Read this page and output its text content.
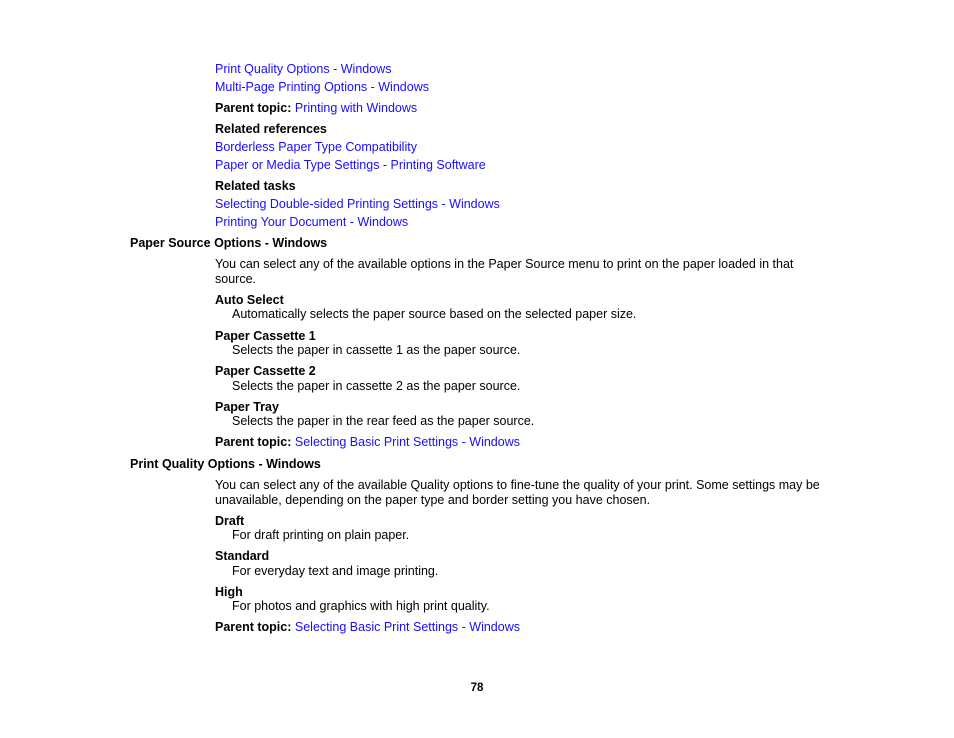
Print Quality Options - Windows
Multi-Page Printing Options - Windows
Parent topic: Printing with Windows
Related references
Borderless Paper Type Compatibility
Paper or Media Type Settings - Printing Software
Related tasks
Selecting Double-sided Printing Settings - Windows
Printing Your Document - Windows
Paper Source Options - Windows
You can select any of the available options in the Paper Source menu to print on the paper loaded in that source.
Auto Select
Automatically selects the paper source based on the selected paper size.
Paper Cassette 1
Selects the paper in cassette 1 as the paper source.
Paper Cassette 2
Selects the paper in cassette 2 as the paper source.
Paper Tray
Selects the paper in the rear feed as the paper source.
Parent topic: Selecting Basic Print Settings - Windows
Print Quality Options - Windows
You can select any of the available Quality options to fine-tune the quality of your print. Some settings may be unavailable, depending on the paper type and border setting you have chosen.
Draft
For draft printing on plain paper.
Standard
For everyday text and image printing.
High
For photos and graphics with high print quality.
Parent topic: Selecting Basic Print Settings - Windows
78
